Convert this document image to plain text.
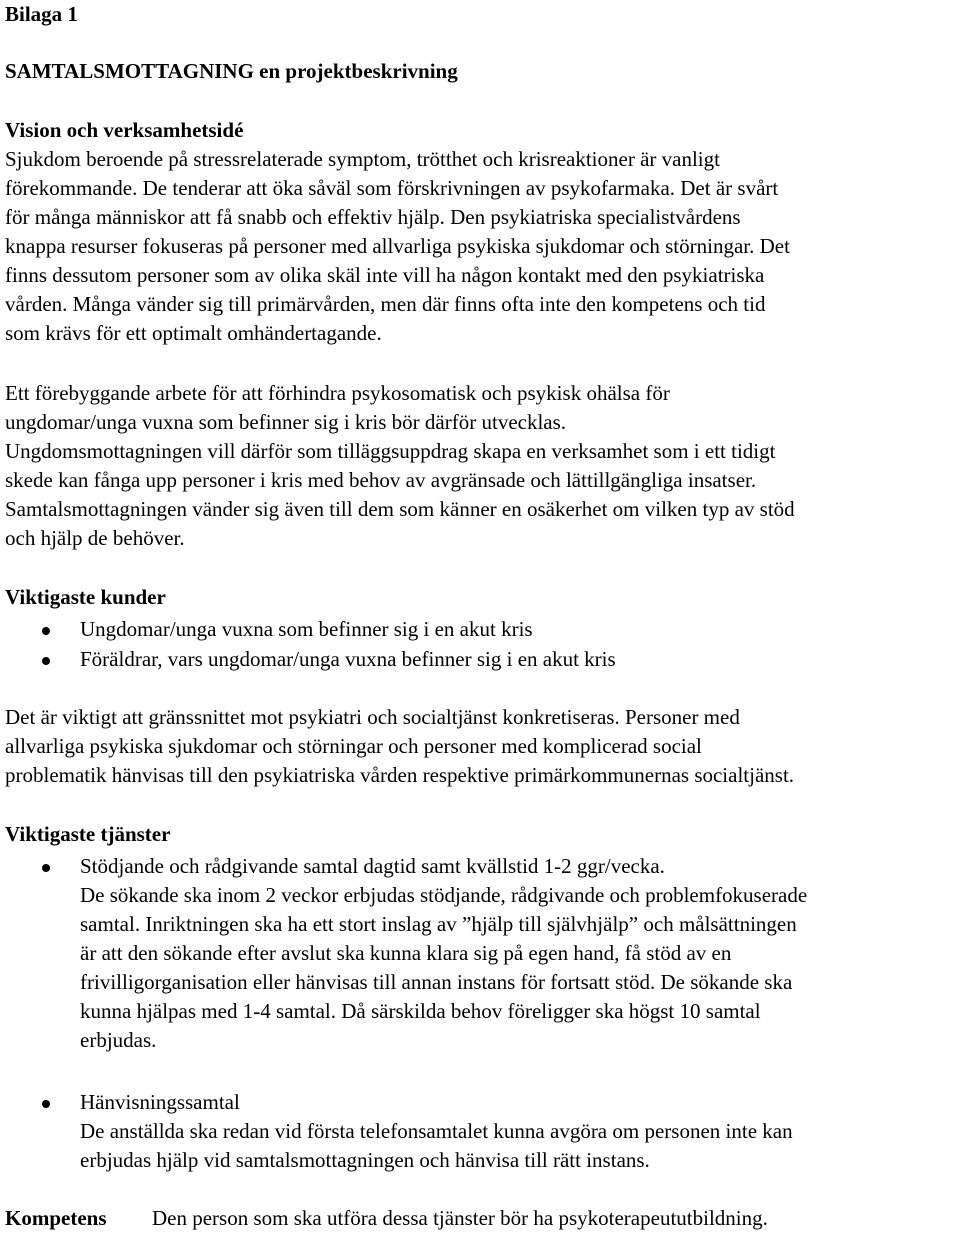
Bilaga 1
SAMTALSMOTTAGNING en projektbeskrivning
Vision och verksamhetsidé
Sjukdom beroende på stressrelaterade symptom, trötthet och krisreaktioner är vanligt
förekommande. De tenderar att öka såväl som förskrivningen av psykofarmaka. Det är svårt
för många människor att få snabb och effektiv hjälp. Den psykiatriska specialistvårdens
knappa resurser fokuseras på personer med allvarliga psykiska sjukdomar och störningar. Det
finns dessutom personer som av olika skäl inte vill ha någon kontakt med den psykiatriska
vården. Många vänder sig till primärvården, men där finns ofta inte den kompetens och tid
som krävs för ett optimalt omhändertagande.
Ett förebyggande arbete för att förhindra psykosomatisk och psykisk ohälsa för
ungdomar/unga vuxna som befinner sig i kris bör därför utvecklas.
Ungdomsmottagningen vill därför som tilläggsuppdrag skapa en verksamhet som i ett tidigt
skede kan fånga upp personer i kris med behov av avgränsade och lättillgängliga insatser.
Samtalsmottagningen vänder sig även till dem som känner en osäkerhet om vilken typ av stöd
och hjälp de behöver.
Viktigaste kunder
Ungdomar/unga vuxna som befinner sig i en akut kris
Föräldrar, vars ungdomar/unga vuxna befinner sig i en akut kris
Det är viktigt att gränssnittet mot psykiatri och socialtjänst konkretiseras. Personer med
allvarliga psykiska sjukdomar och störningar och personer med komplicerad social
problematik hänvisas till den psykiatriska vården respektive primärkommunernas socialtjänst.
Viktigaste tjänster
Stödjande och rådgivande samtal dagtid samt kvällstid 1-2 ggr/vecka.
De sökande ska inom 2 veckor erbjudas stödjande, rådgivande och problemfokuserade
samtal. Inriktningen ska ha ett stort inslag av ”hjälp till självhjälp” och målsättningen
är att den sökande efter avslut ska kunna klara sig på egen hand, få stöd av en
frivilligorganisation eller hänvisas till annan instans för fortsatt stöd. De sökande ska
kunna hjälpas med 1-4 samtal. Då särskilda behov föreligger ska högst 10 samtal
erbjudas.
Hänvisningssamtal
De anställda ska redan vid första telefonsamtalet kunna avgöra om personen inte kan
erbjudas hjälp vid samtalsmottagningen och hänvisa till rätt instans.
Kompetens Den person som ska utföra dessa tjänster bör ha psykoterapeututbildning.
